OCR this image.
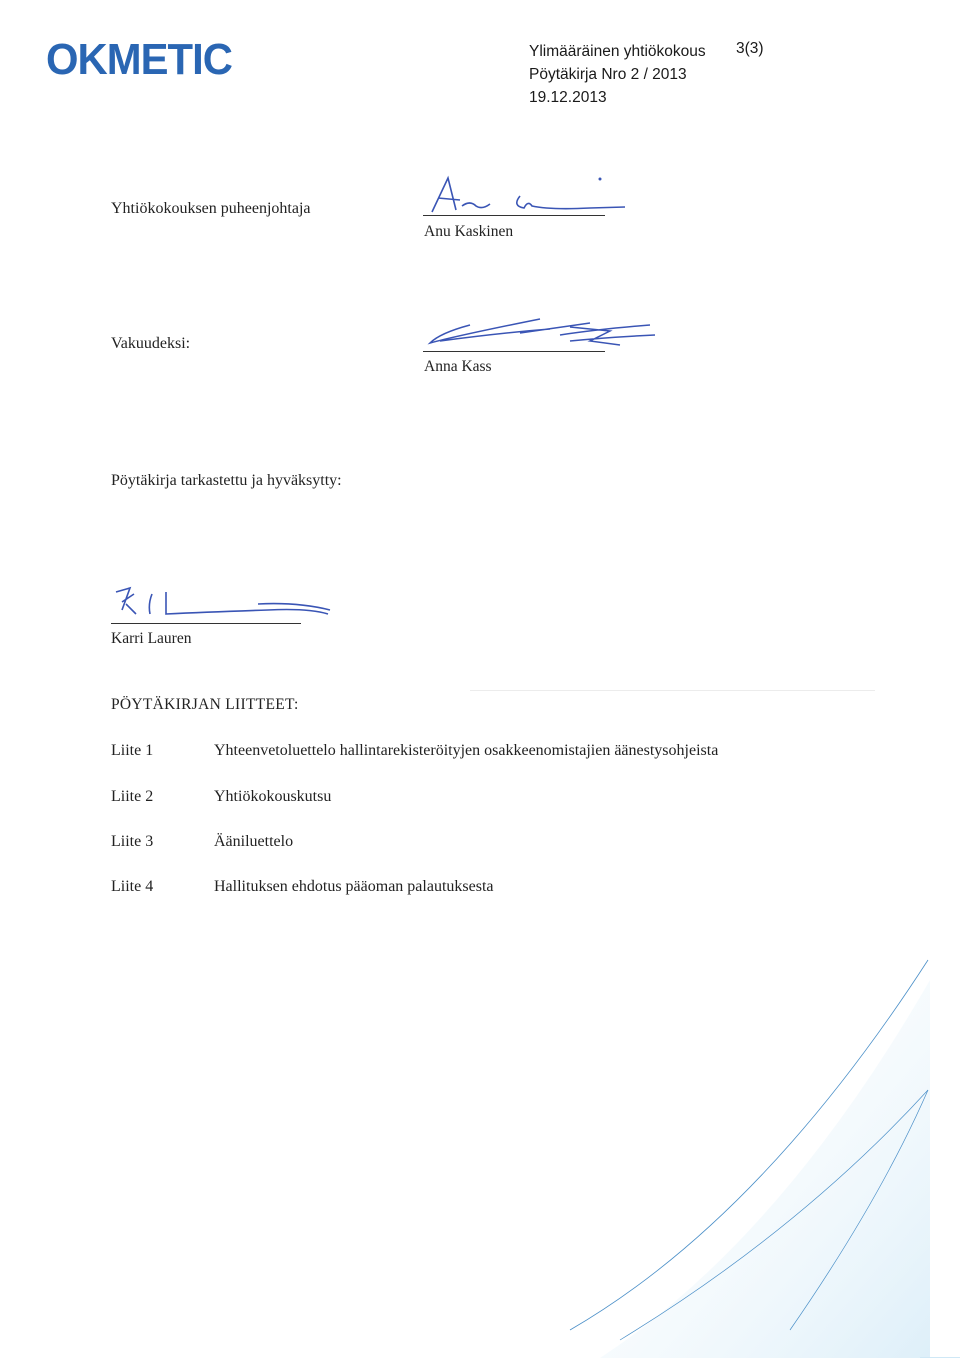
OKMETIC	Ylimääräinen yhtiökokous
Pöytäkirja Nro 2 / 2013
19.12.2013
3(3)
Yhtiökokouksen puheenjohtaja
Anu Kaskinen
Vakuudeksi:
Anna Kass
Pöytäkirja tarkastettu ja hyväksytty:
Karri Lauren
PÖYTÄKIRJAN LIITTEET:
Liite 1	Yhteenvetoluettelo hallintarekisteröityjen osakkeenomistajien äänestysohjeista
Liite 2	Yhtiökokouskutsu
Liite 3	Ääniluettelo
Liite 4	Hallituksen ehdotus pääoman palautuksesta
